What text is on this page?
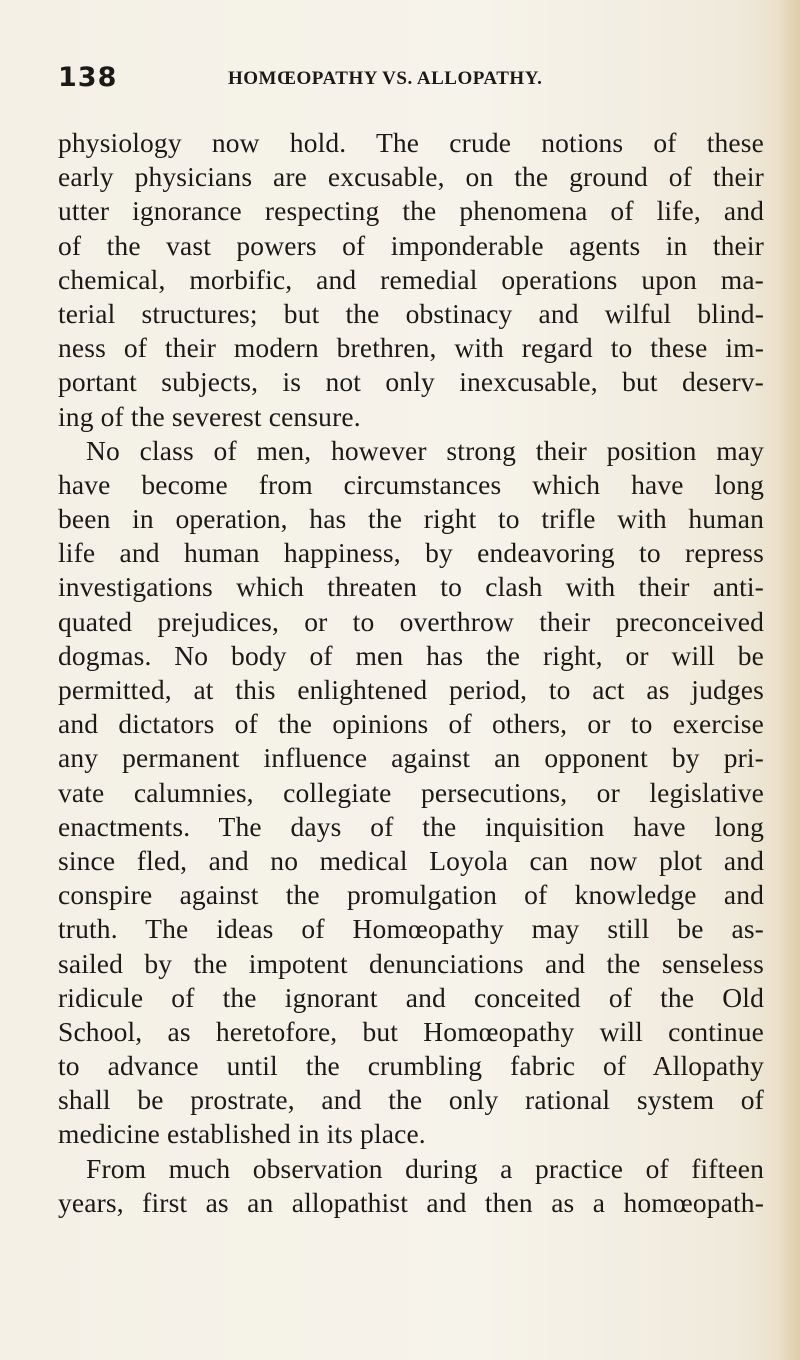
138	HOMŒOPATHY VS. ALLOPATHY.
physiology now hold. The crude notions of these
early physicians are excusable, on the ground of their
utter ignorance respecting the phenomena of life, and
of the vast powers of imponderable agents in their
chemical, morbific, and remedial operations upon ma-
terial structures; but the obstinacy and wilful blind-
ness of their modern brethren, with regard to these im-
portant subjects, is not only inexcusable, but deserv-
ing of the severest censure.
No class of men, however strong their position may
have become from circumstances which have long
been in operation, has the right to trifle with human
life and human happiness, by endeavoring to repress
investigations which threaten to clash with their anti-
quated prejudices, or to overthrow their preconceived
dogmas. No body of men has the right, or will be
permitted, at this enlightened period, to act as judges
and dictators of the opinions of others, or to exercise
any permanent influence against an opponent by pri-
vate calumnies, collegiate persecutions, or legislative
enactments. The days of the inquisition have long
since fled, and no medical Loyola can now plot and
conspire against the promulgation of knowledge and
truth. The ideas of Homœopathy may still be as-
sailed by the impotent denunciations and the senseless
ridicule of the ignorant and conceited of the Old
School, as heretofore, but Homœopathy will continue
to advance until the crumbling fabric of Allopathy
shall be prostrate, and the only rational system of
medicine established in its place.
From much observation during a practice of fifteen
years, first as an allopathist and then as a homœopath-
